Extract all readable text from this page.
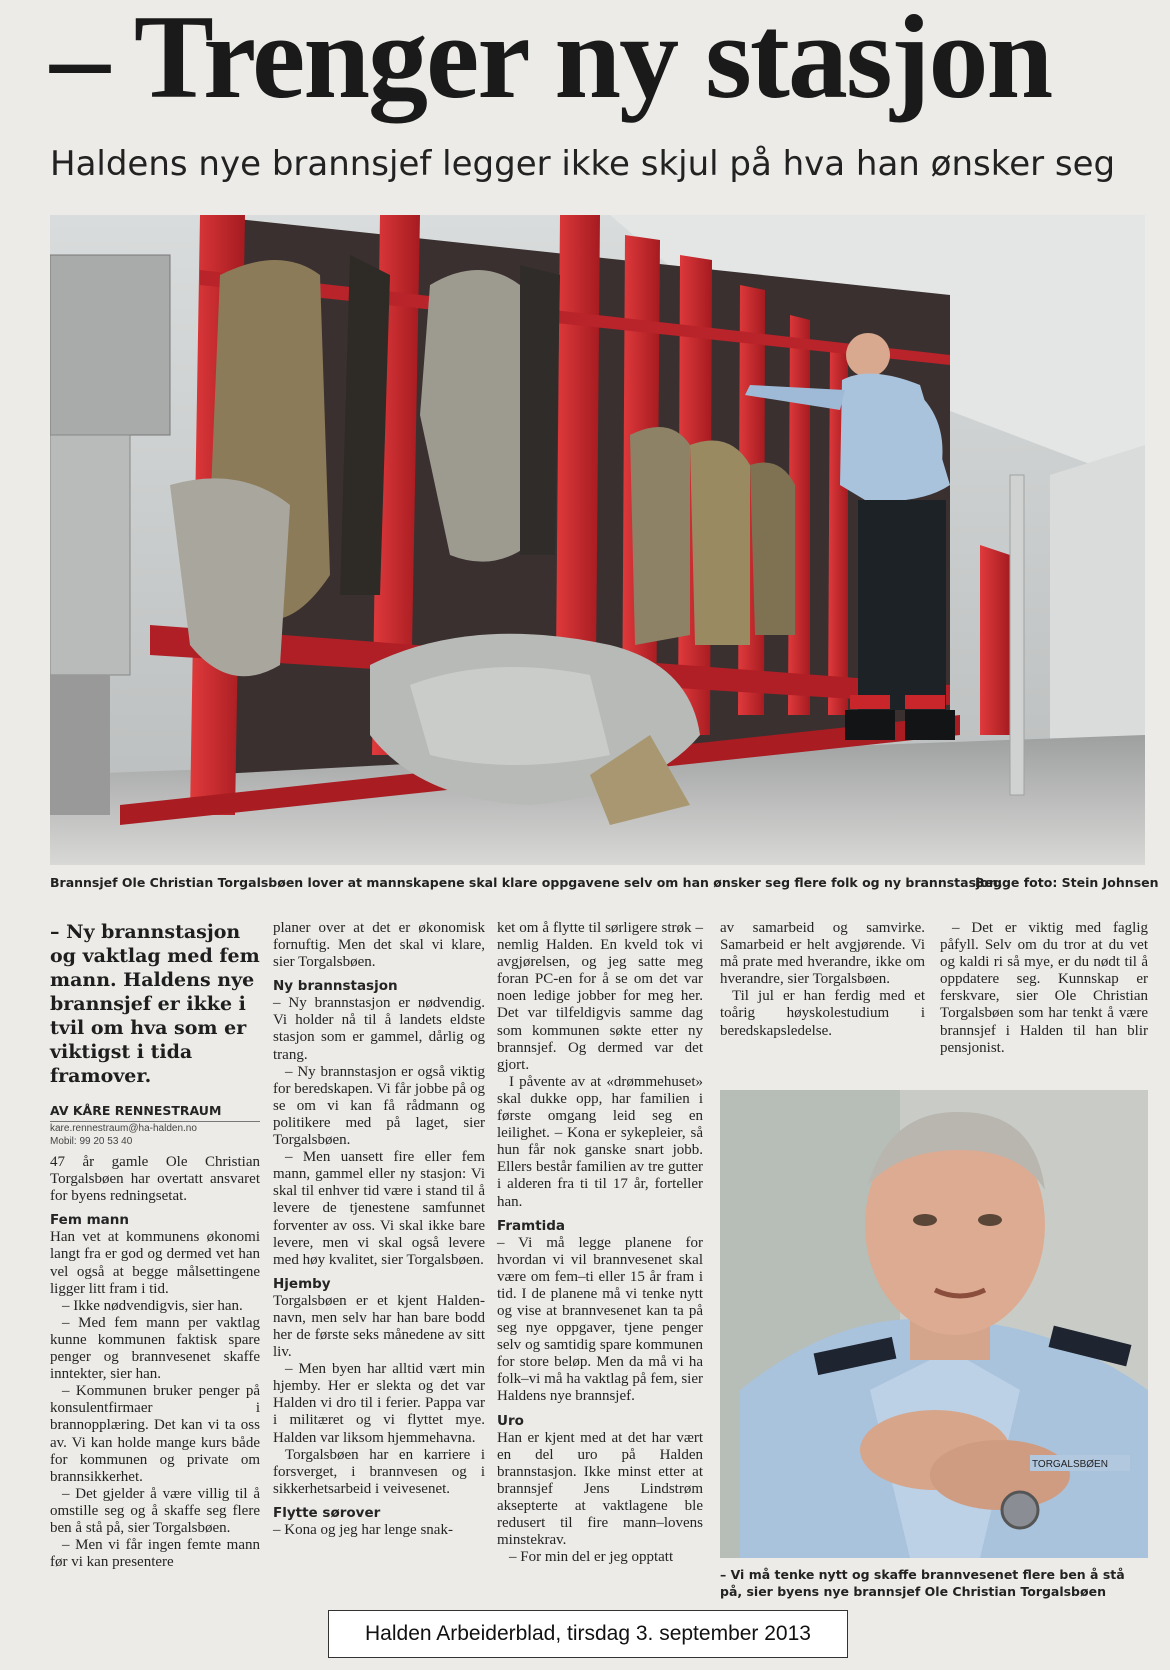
– Trenger ny stasjon
Haldens nye brannsjef legger ikke skjul på hva han ønsker seg
Brannsjef Ole Christian Torgalsbøen lover at mannskapene skal klare oppgavene selv om han ønsker seg flere folk og ny brannstasjon.
Begge foto: Stein Johnsen
– Ny brannstasjon og vaktlag med fem mann. Haldens nye brannsjef er ikke i tvil om hva som er viktigst i tida framover.
AV KÅRE RENNESTRAUM
kare.rennestraum@ha-halden.no
Mobil: 99 20 53 40

47 år gamle Ole Christian Torgalsbøen har overtatt ansvaret for byens redningsetat.

Fem mann

Han vet at kommunens økonomi langt fra er god og dermed vet han vel også at begge målsettingene ligger litt fram i tid.

– Ikke nødvendigvis, sier han.

– Med fem mann per vaktlag kunne kommunen faktisk spare penger og brannvesenet skaffe inntekter, sier han.

– Kommunen bruker penger på konsulentfirmaer i brannopplæring. Det kan vi ta oss av. Vi kan holde mange kurs både for kommunen og private om brannsikkerhet.

– Det gjelder å være villig til å omstille seg og å skaffe seg flere ben å stå på, sier Torgalsbøen.

– Men vi får ingen femte mann før vi kan presentere

planer over at det er økonomisk fornuftig. Men det skal vi klare, sier Torgalsbøen.

Ny brannstasjon

– Ny brannstasjon er nødvendig. Vi holder nå til å landets eldste stasjon som er gammel, dårlig og trang.

– Ny brannstasjon er også viktig for beredskapen. Vi får jobbe på og se om vi kan få rådmann og politikere med på laget, sier Torgalsbøen.

– Men uansett fire eller fem mann, gammel eller ny stasjon: Vi skal til enhver tid være i stand til å levere de tjenestene samfunnet forventer av oss. Vi skal ikke bare levere, men vi skal også levere med høy kvalitet, sier Torgalsbøen.

Hjemby

Torgalsbøen er et kjent Halden-navn, men selv har han bare bodd her de første seks månedene av sitt liv.

– Men byen har alltid vært min hjemby. Her er slekta og det var Halden vi dro til i ferier. Pappa var i militæret og vi flyttet mye. Halden var liksom hjemmehavna.

Torgalsbøen har en karriere i forsverget, i brannvesen og i sikkerhetsarbeid i veivesenet.

Flytte sørover

– Kona og jeg har lenge snak-

ket om å flytte til sørligere strøk – nemlig Halden. En kveld tok vi avgjørelsen, og jeg satte meg foran PC-en for å se om det var noen ledige jobber for meg her. Det var tilfeldigvis samme dag som kommunen søkte etter ny brannsjef. Og dermed var det gjort.

I påvente av at «drømmehuset» skal dukke opp, har familien i første omgang leid seg en leilighet. – Kona er sykepleier, så hun får nok ganske snart jobb. Ellers består familien av tre gutter i alderen fra ti til 17 år, forteller han.

Framtida

– Vi må legge planene for hvordan vi vil brannvesenet skal være om fem–ti eller 15 år fram i tid. I de planene må vi tenke nytt og vise at brannvesenet kan ta på seg nye oppgaver, tjene penger selv og samtidig spare kommunen for store beløp. Men da må vi ha folk–vi må ha vaktlag på fem, sier Haldens nye brannsjef.

Uro

Han er kjent med at det har vært en del uro på Halden brannstasjon. Ikke minst etter at brannsjef Jens Lindstrøm aksepterte at vaktlagene ble redusert til fire mann–lovens minstekrav.

– For min del er jeg opptatt

av samarbeid og samvirke. Samarbeid er helt avgjørende. Vi må prate med hverandre, ikke om hverandre, sier Torgalsbøen.

Til jul er han ferdig med et toårig høyskolestudium i beredskapsledelse.

– Det er viktig med faglig påfyll. Selv om du tror at du vet og kaldi ri så mye, er du nødt til å oppdatere seg. Kunnskap er ferskvare, sier Ole Christian Torgalsbøen som har tenkt å være brannsjef i Halden til han blir pensjonist.

TORGALSBØEN
– Vi må tenke nytt og skaffe brannvesenet flere ben å stå på, sier byens nye brannsjef Ole Christian Torgalsbøen
Halden Arbeiderblad, tirsdag 3. september 2013
